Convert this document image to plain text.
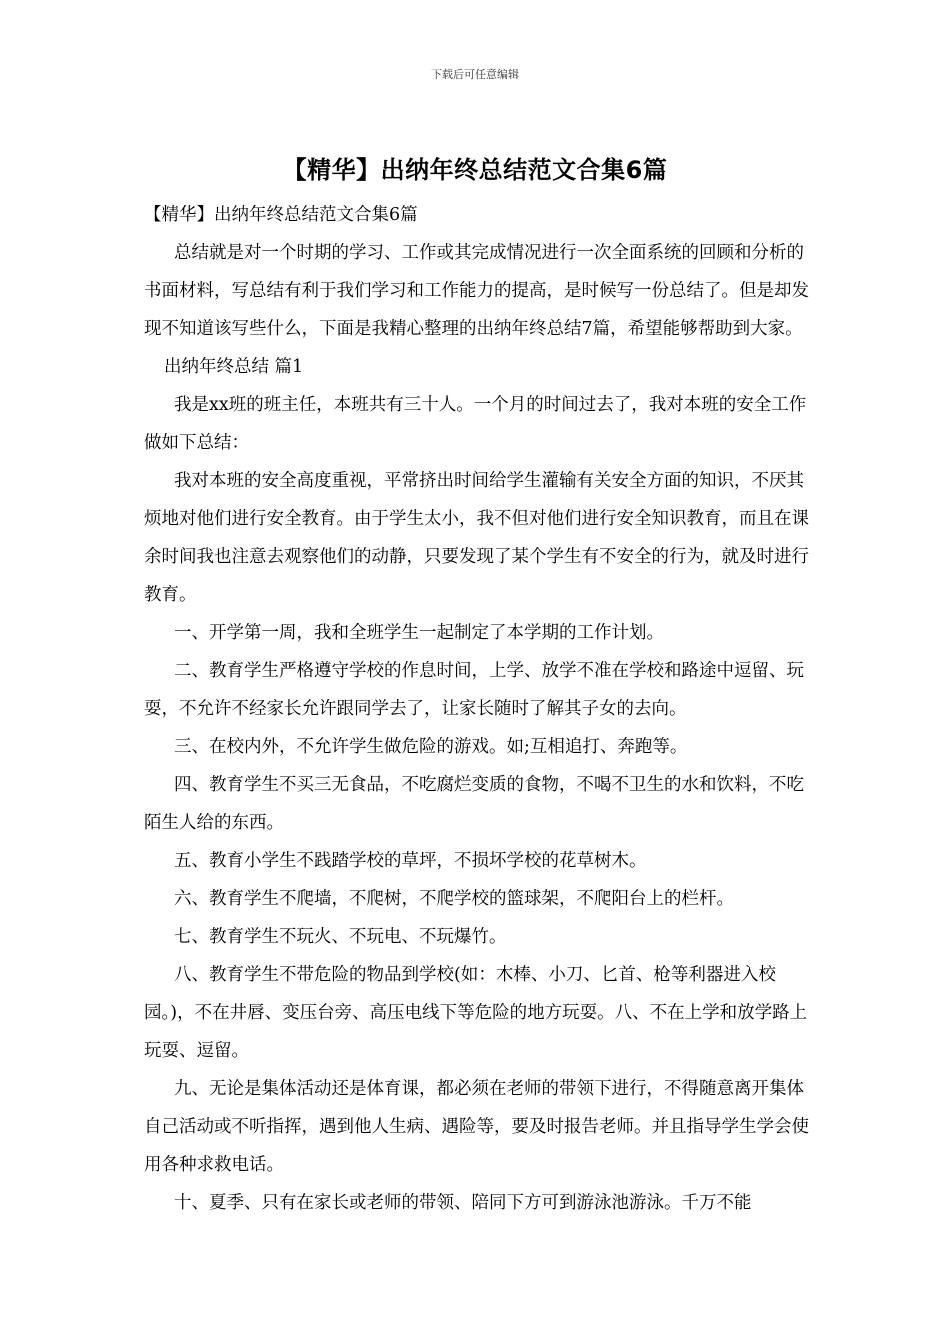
下载后可任意编辑
【精华】出纳年终总结范文合集6篇

【精华】出纳年终总结范文合集6篇

总结就是对一个时期的学习、工作或其完成情况进行一次全面系统的回顾和分析的书面材料，写总结有利于我们学习和工作能力的提高，是时候写一份总结了。但是却发现不知道该写些什么，下面是我精心整理的出纳年终总结7篇，希望能够帮助到大家。

出纳年终总结 篇1

我是xx班的班主任，本班共有三十人。一个月的时间过去了，我对本班的安全工作做如下总结：

我对本班的安全高度重视，平常挤出时间给学生灌输有关安全方面的知识，不厌其烦地对他们进行安全教育。由于学生太小，我不但对他们进行安全知识教育，而且在课余时间我也注意去观察他们的动静，只要发现了某个学生有不安全的行为，就及时进行教育。

一、开学第一周，我和全班学生一起制定了本学期的工作计划。

二、教育学生严格遵守学校的作息时间，上学、放学不准在学校和路途中逗留、玩耍，不允许不经家长允许跟同学去了，让家长随时了解其子女的去向。

三、在校内外，不允许学生做危险的游戏。如;互相追打、奔跑等。

四、教育学生不买三无食品，不吃腐烂变质的食物，不喝不卫生的水和饮料，不吃陌生人给的东西。

五、教育小学生不践踏学校的草坪，不损坏学校的花草树木。

六、教育学生不爬墙，不爬树，不爬学校的篮球架，不爬阳台上的栏杆。

七、教育学生不玩火、不玩电、不玩爆竹。

八、教育学生不带危险的物品到学校(如：木棒、小刀、匕首、枪等利器进入校园。)，不在井唇、变压台旁、高压电线下等危险的地方玩耍。八、不在上学和放学路上玩耍、逗留。

九、无论是集体活动还是体育课，都必须在老师的带领下进行，不得随意离开集体自己活动或不听指挥，遇到他人生病、遇险等，要及时报告老师。并且指导学生学会使用各种求救电话。

十、夏季、只有在家长或老师的带领、陪同下方可到游泳池游泳。千万不能
